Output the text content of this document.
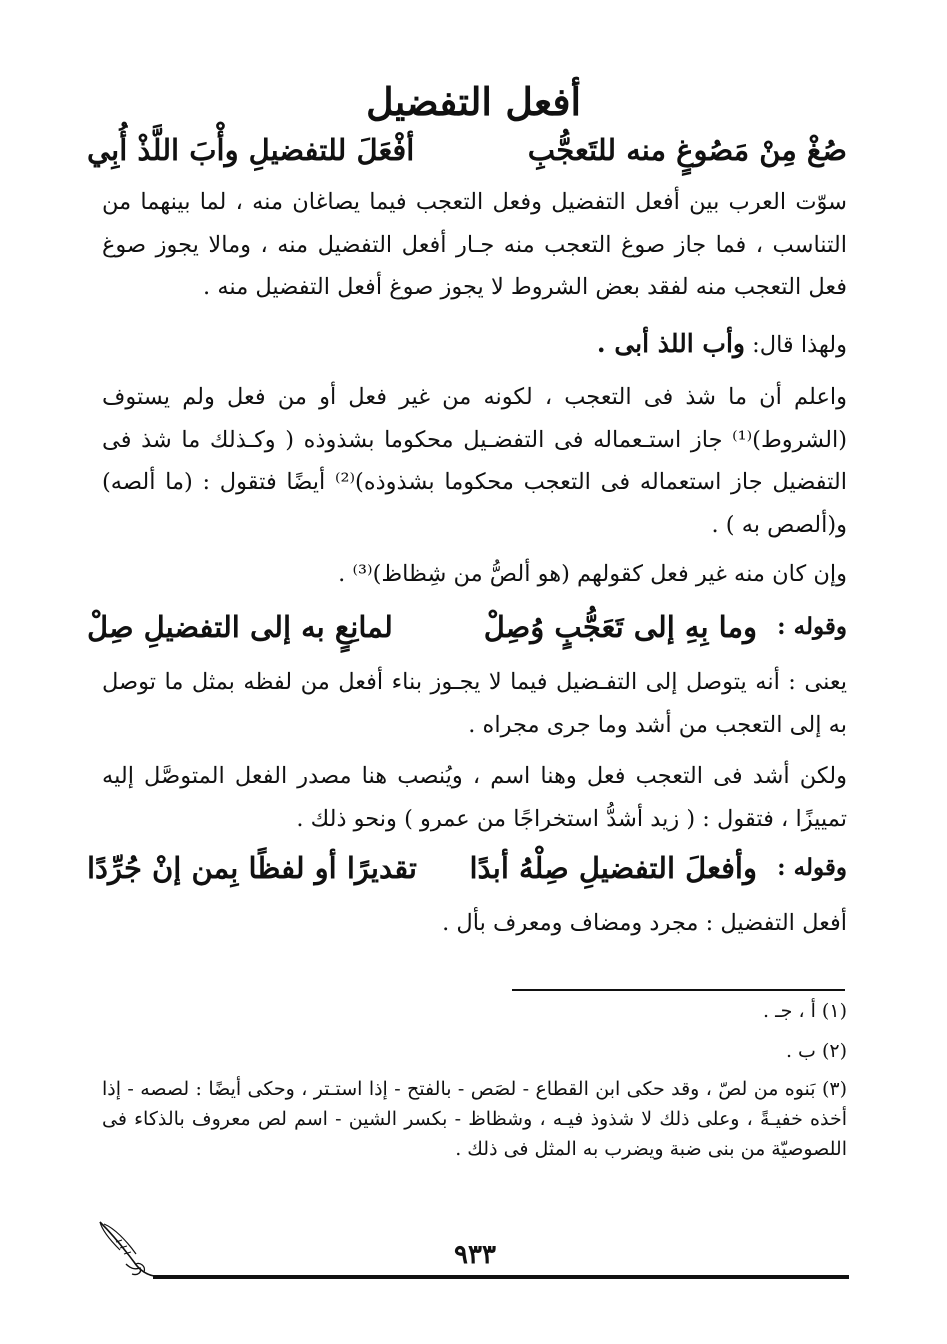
أفعل التفضيل
صُغْ مِنْ مَصُوغٍ منه للتَعجُّبِ
أفْعَلَ للتفضيلِ وأْبَ اللَّذْ أُبِي
سوّت العرب بين أفعل التفضيل وفعل التعجب فيما يصاغان منه ، لما بينهما من التناسب ، فما جاز صوغ التعجب منه جـار أفعل التفضيل منه ، ومالا يجوز صوغ فعل التعجب منه لفقد بعض الشروط لا يجوز صوغ أفعل التفضيل منه .
ولهذا قال: وأب اللذ أبى .
واعلم أن ما شذ فى التعجب ، لكونه من غير فعل أو من فعل ولم يستوف (الشروط)⁽¹⁾ جاز استـعماله فى التفضـيل محكوما بشذوذه ( وكـذلك ما شذ فى التفضيل جاز استعماله فى التعجب محكوما بشذوذه)⁽²⁾ أيضًا فتقول : (ما ألصه) و(ألصص به ) .
وإن كان منه غير فعل كقولهم (هو ألصُّ من شِظاظ)⁽³⁾ .
وقوله :
وما بِهِ إلى تَعَجُّبٍ وُصِلْ
لمانِعٍ به إلى التفضيلِ صِلْ
يعنى : أنه يتوصل إلى التفـضيل فيما لا يجـوز بناء أفعل من لفظه بمثل ما توصل به إلى التعجب من أشد وما جرى مجراه .
ولكن أشد فى التعجب فعل وهنا اسم ، ويُنصب هنا مصدر الفعل المتوصَّل إليه تمييزًا ، فتقول : ( زيد أشدُّ استخراجًا من عمرو ) ونحو ذلك .
وقوله :
وأفعلَ التفضيلِ صِلْهُ أبدًا
تقديرًا أو لفظًا بِمن إنْ جُرِّدًا
أفعل التفضيل : مجرد ومضاف ومعرف بأل .
(١) أ ، جـ .
(٢) ب .
(٣) بَنوه من لصّ ، وقد حكى ابن القطاع - لصَص - بالفتح - إذا استـتر ، وحكى أيضًا : لصصه - إذا أخذه خفيـةً ، وعلى ذلك لا شذوذ فيـه ، وشظاظ - بكسر الشين - اسم لص معروف بالذكاء فى اللصوصيّة من بنى ضبة ويضرب به المثل فى ذلك .
٩٣٣
